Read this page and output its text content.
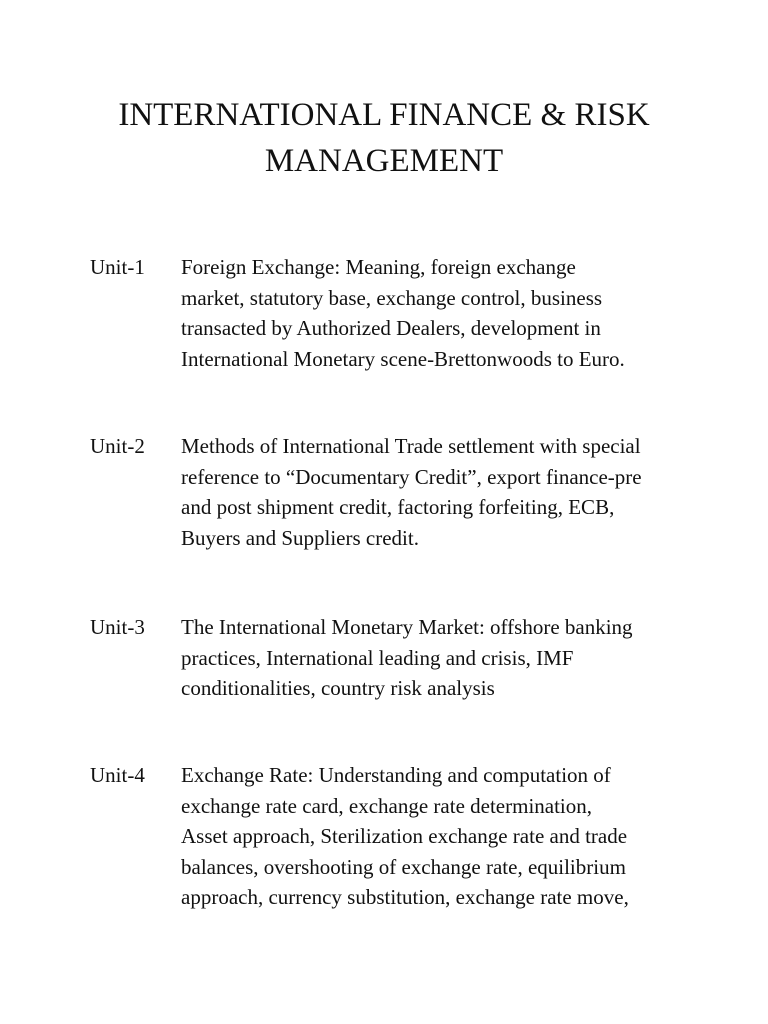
INTERNATIONAL FINANCE & RISK
MANAGEMENT
Unit-1 Foreign Exchange: Meaning, foreign exchange
market, statutory base, exchange control, business
transacted by Authorized Dealers, development in
International Monetary scene-Brettonwoods to Euro.
Unit-2 Methods of International Trade settlement with special
reference to “Documentary Credit”, export finance-pre
and post shipment credit, factoring forfeiting, ECB,
Buyers and Suppliers credit.
Unit-3 The International Monetary Market: offshore banking
practices, International leading and crisis, IMF
conditionalities, country risk analysis
Unit-4 Exchange Rate: Understanding and computation of
exchange rate card, exchange rate determination,
Asset approach, Sterilization exchange rate and trade
balances, overshooting of exchange rate, equilibrium
approach, currency substitution, exchange rate move,
